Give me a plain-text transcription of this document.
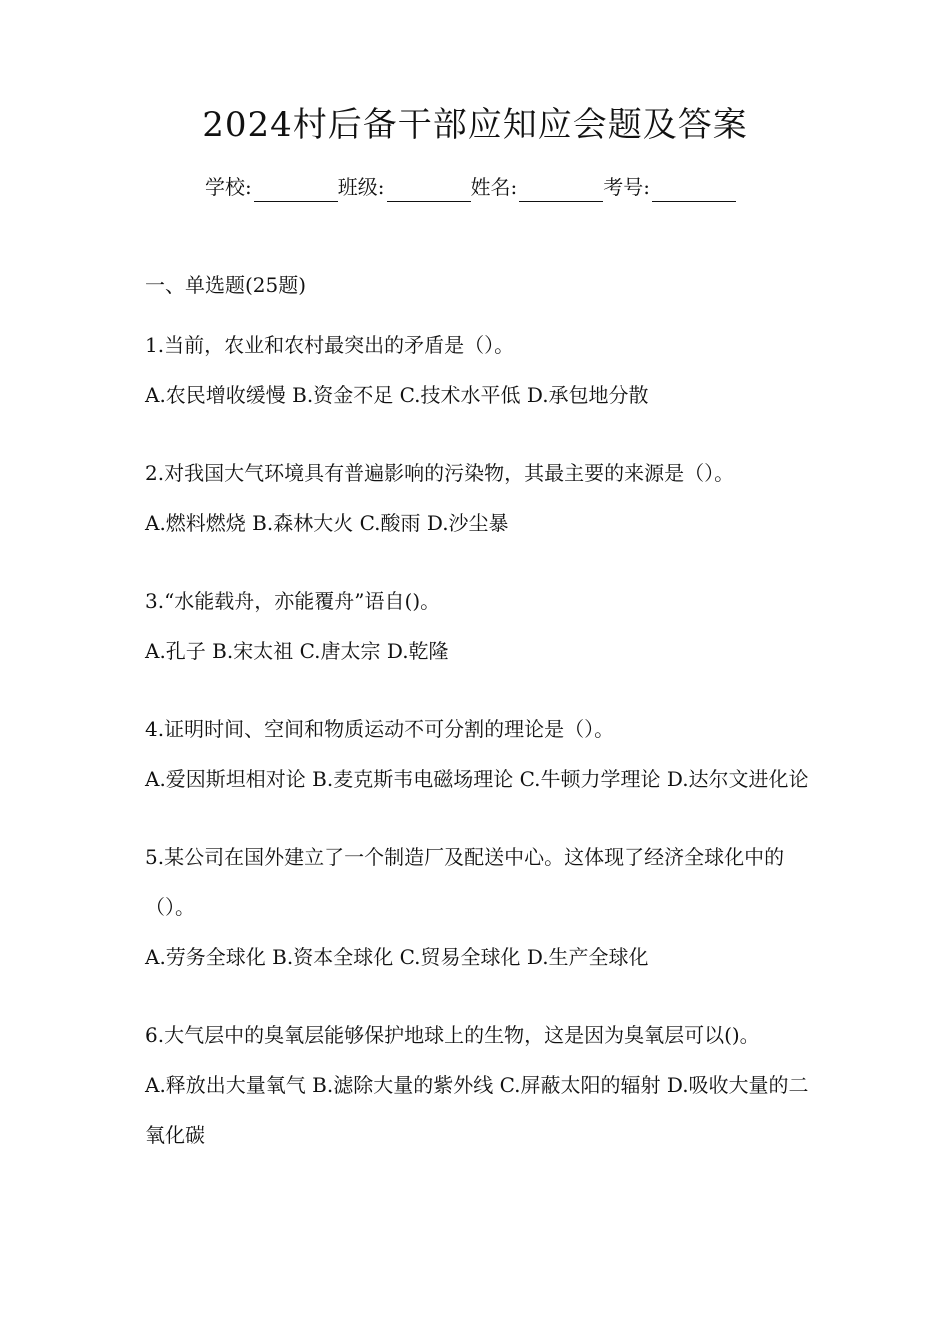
2024村后备干部应知应会题及答案
学校:	班级:	姓名:	考号:
一、单选题(25题)

1.当前，农业和农村最突出的矛盾是（）。

A.农民增收缓慢 B.资金不足 C.技术水平低 D.承包地分散

2.对我国大气环境具有普遍影响的污染物，其最主要的来源是（）。

A.燃料燃烧 B.森林大火 C.酸雨 D.沙尘暴

3.“水能载舟，亦能覆舟”语自()。

A.孔子 B.宋太祖 C.唐太宗 D.乾隆

4.证明时间、空间和物质运动不可分割的理论是（）。

A.爱因斯坦相对论 B.麦克斯韦电磁场理论 C.牛顿力学理论 D.达尔文进化论

5.某公司在国外建立了一个制造厂及配送中心。这体现了经济全球化中的（）。

A.劳务全球化 B.资本全球化 C.贸易全球化 D.生产全球化

6.大气层中的臭氧层能够保护地球上的生物，这是因为臭氧层可以()。

A.释放出大量氧气 B.滤除大量的紫外线 C.屏蔽太阳的辐射 D.吸收大量的二氧化碳
